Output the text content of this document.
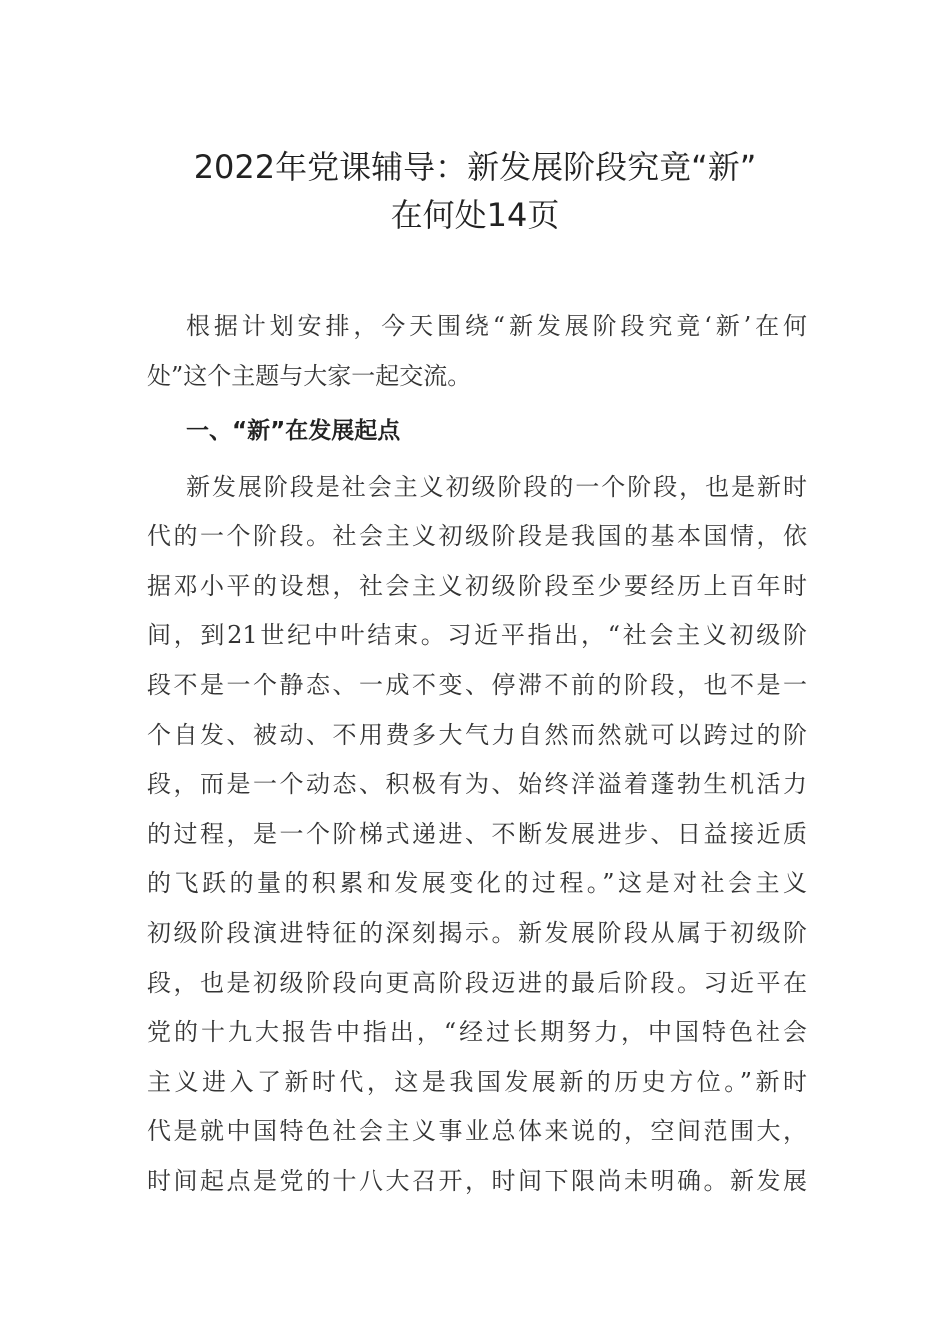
2022年党课辅导：新发展阶段究竟“新”
在何处14页
根据计划安排，今天围绕“新发展阶段究竟‘新’在何
处”这个主题与大家一起交流。
一、“新”在发展起点
新发展阶段是社会主义初级阶段的一个阶段，也是新时
代的一个阶段。社会主义初级阶段是我国的基本国情，依
据邓小平的设想，社会主义初级阶段至少要经历上百年时
间，到21世纪中叶结束。习近平指出，“社会主义初级阶
段不是一个静态、一成不变、停滞不前的阶段，也不是一
个自发、被动、不用费多大气力自然而然就可以跨过的阶
段，而是一个动态、积极有为、始终洋溢着蓬勃生机活力
的过程，是一个阶梯式递进、不断发展进步、日益接近质
的飞跃的量的积累和发展变化的过程。”这是对社会主义
初级阶段演进特征的深刻揭示。新发展阶段从属于初级阶
段，也是初级阶段向更高阶段迈进的最后阶段。习近平在
党的十九大报告中指出，“经过长期努力，中国特色社会
主义进入了新时代，这是我国发展新的历史方位。”新时
代是就中国特色社会主义事业总体来说的，空间范围大，
时间起点是党的十八大召开，时间下限尚未明确。新发展
